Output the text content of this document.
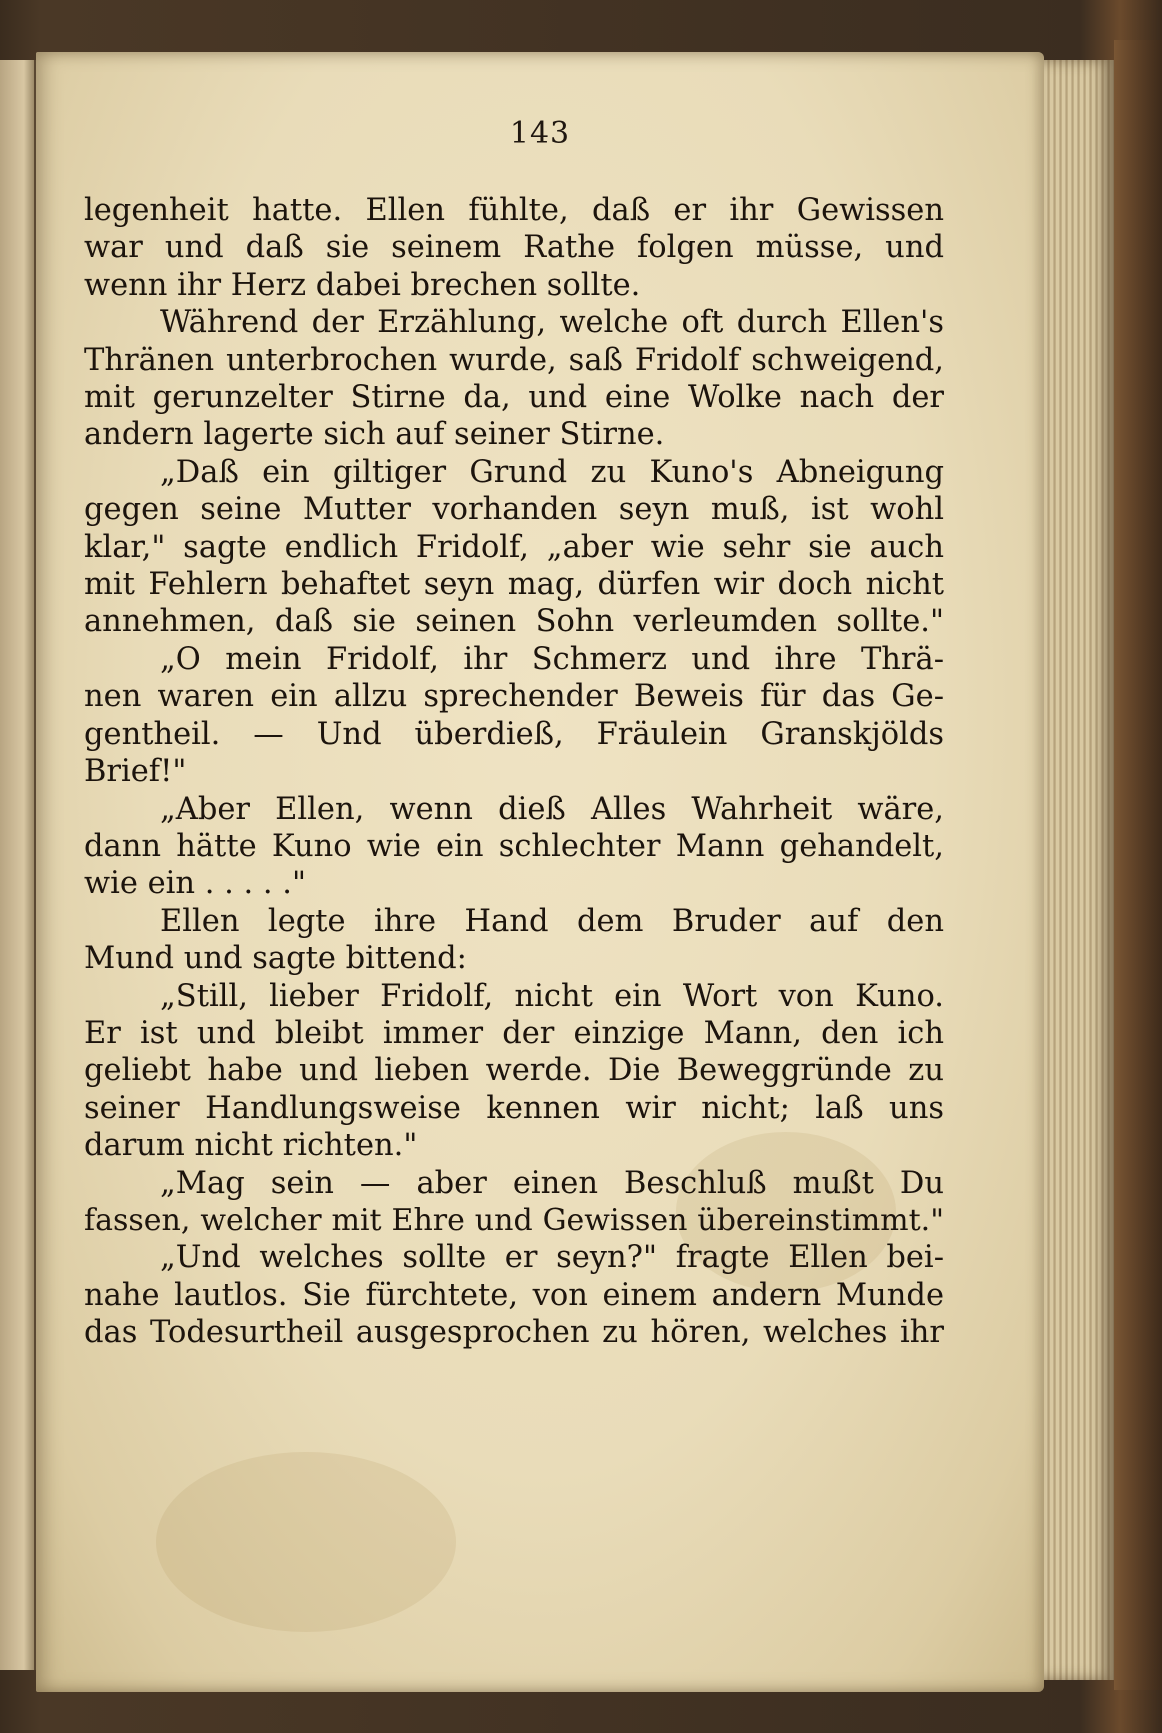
143
legenheit hatte. Ellen fühlte, daß er ihr Gewissen
war und daß sie seinem Rathe folgen müsse, und
wenn ihr Herz dabei brechen sollte.
Während der Erzählung, welche oft durch Ellen's
Thränen unterbrochen wurde, saß Fridolf schweigend,
mit gerunzelter Stirne da, und eine Wolke nach der
andern lagerte sich auf seiner Stirne.
„Daß ein giltiger Grund zu Kuno's Abneigung
gegen seine Mutter vorhanden seyn muß, ist wohl
klar," sagte endlich Fridolf, „aber wie sehr sie auch
mit Fehlern behaftet seyn mag, dürfen wir doch nicht
annehmen, daß sie seinen Sohn verleumden sollte."
„O mein Fridolf, ihr Schmerz und ihre Thrä-
nen waren ein allzu sprechender Beweis für das Ge-
gentheil. — Und überdieß, Fräulein Granskjölds
Brief!"
„Aber Ellen, wenn dieß Alles Wahrheit wäre,
dann hätte Kuno wie ein schlechter Mann gehandelt,
wie ein . . . . ."
Ellen legte ihre Hand dem Bruder auf den
Mund und sagte bittend:
„Still, lieber Fridolf, nicht ein Wort von Kuno.
Er ist und bleibt immer der einzige Mann, den ich
geliebt habe und lieben werde. Die Beweggründe zu
seiner Handlungsweise kennen wir nicht; laß uns
darum nicht richten."
„Mag sein — aber einen Beschluß mußt Du
fassen, welcher mit Ehre und Gewissen übereinstimmt."
„Und welches sollte er seyn?" fragte Ellen bei-
nahe lautlos. Sie fürchtete, von einem andern Munde
das Todesurtheil ausgesprochen zu hören, welches ihr
